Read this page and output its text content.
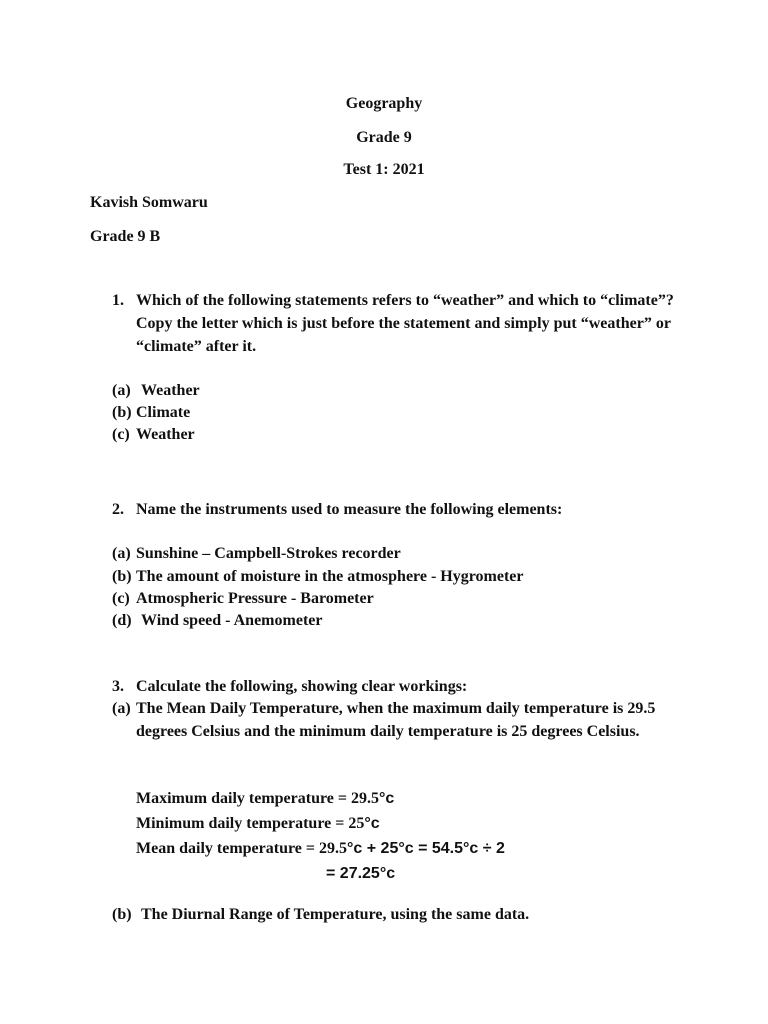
Geography
Grade 9
Test 1: 2021
Kavish Somwaru
Grade 9 B
1. Which of the following statements refers to “weather” and which to “climate”? Copy the letter which is just before the statement and simply put “weather” or “climate” after it.
(a) Weather
(b) Climate
(c) Weather
2. Name the instruments used to measure the following elements:
(a) Sunshine – Campbell-Strokes recorder
(b) The amount of moisture in the atmosphere - Hygrometer
(c) Atmospheric Pressure - Barometer
(d) Wind speed - Anemometer
3. Calculate the following, showing clear workings:
(a) The Mean Daily Temperature, when the maximum daily temperature is 29.5 degrees Celsius and the minimum daily temperature is 25 degrees Celsius.
Maximum daily temperature = 29.5°c
Minimum daily temperature = 25°c
Mean daily temperature = 29.5°c + 25°c = 54.5°c ÷ 2
= 27.25°c
(b) The Diurnal Range of Temperature, using the same data.
